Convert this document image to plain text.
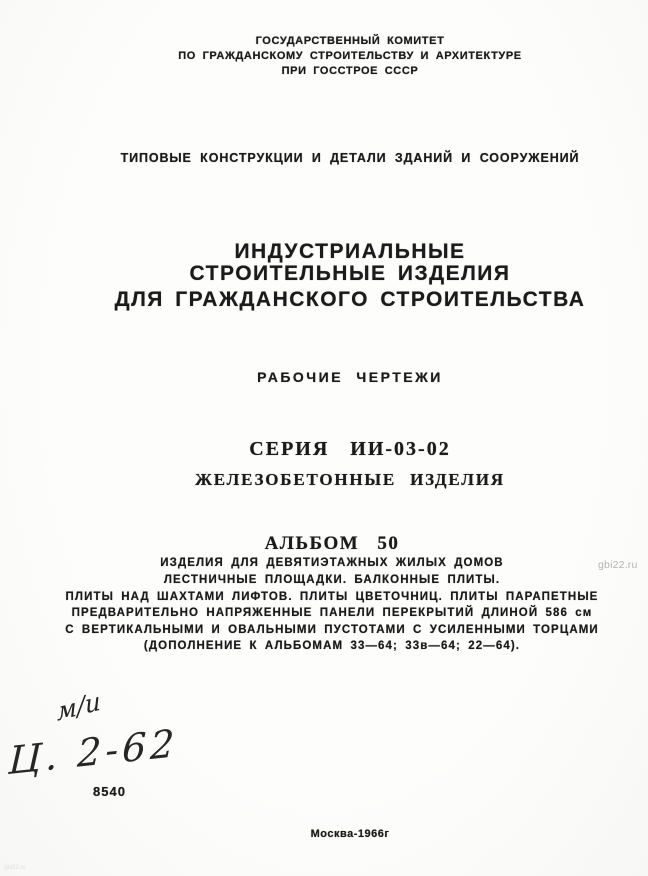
ГОСУДАРСТВЕННЫЙ КОМИТЕТ
ПО ГРАЖДАНСКОМУ СТРОИТЕЛЬСТВУ И АРХИТЕКТУРЕ
ПРИ ГОССТРОЕ СССР
ТИПОВЫЕ КОНСТРУКЦИИ И ДЕТАЛИ ЗДАНИЙ И СООРУЖЕНИЙ
ИНДУСТРИАЛЬНЫЕ
СТРОИТЕЛЬНЫЕ ИЗДЕЛИЯ
ДЛЯ ГРАЖДАНСКОГО СТРОИТЕЛЬСТВА
РАБОЧИЕ ЧЕРТЕЖИ
СЕРИЯ ИИ-03-02
ЖЕЛЕЗОБЕТОННЫЕ ИЗДЕЛИЯ
АЛЬБОМ 50
ИЗДЕЛИЯ ДЛЯ ДЕВЯТИЭТАЖНЫХ ЖИЛЫХ ДОМОВ
ЛЕСТНИЧНЫЕ ПЛОЩАДКИ. БАЛКОННЫЕ ПЛИТЫ.
ПЛИТЫ НАД ШАХТАМИ ЛИФТОВ. ПЛИТЫ ЦВЕТОЧНИЦ. ПЛИТЫ ПАРАПЕТНЫЕ
ПРЕДВАРИТЕЛЬНО НАПРЯЖЕННЫЕ ПАНЕЛИ ПЕРЕКРЫТИЙ ДЛИНОЙ 586 см
С ВЕРТИКАЛЬНЫМИ И ОВАЛЬНЫМИ ПУСТОТАМИ С УСИЛЕННЫМИ ТОРЦАМИ
(ДОПОЛНЕНИЕ К АЛЬБОМАМ 33—64; 33в—64; 22—64).
м/и
Ц. 2-62
8540
Москва-1966г
gbi22.ru
gbi22.ru
